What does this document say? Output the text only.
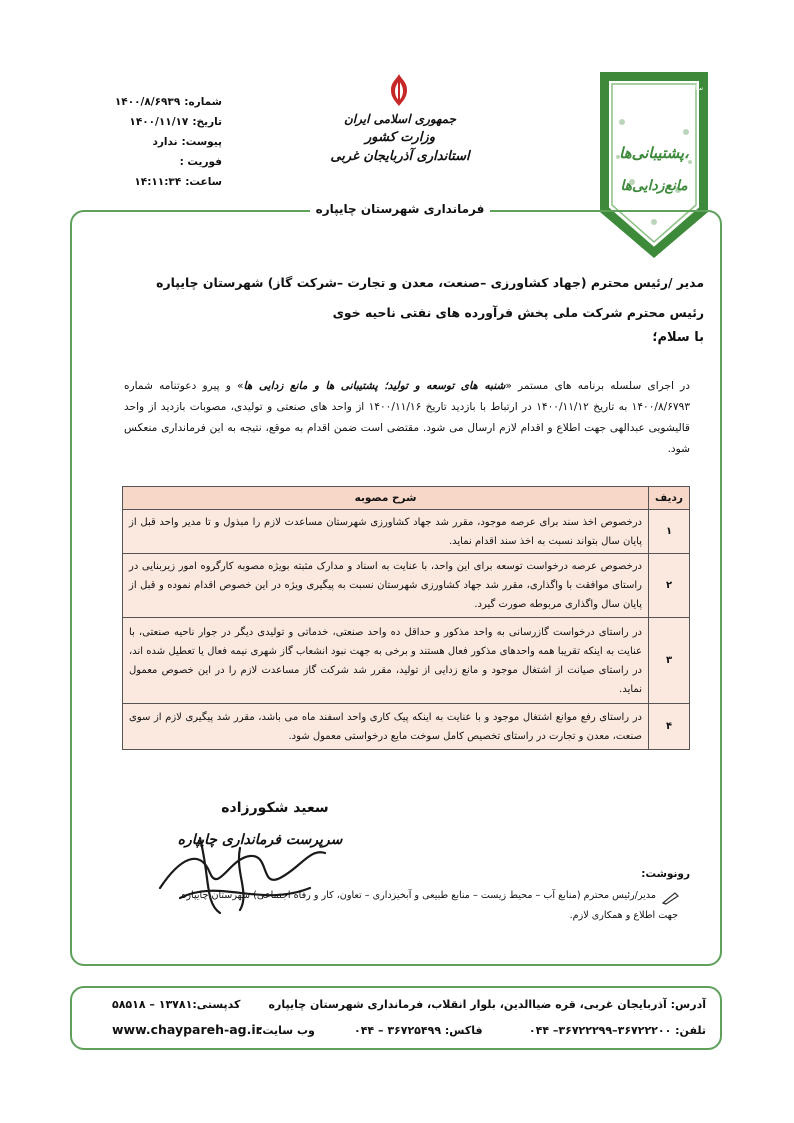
شماره:
۱۴۰۰/۸/۶۹۳۹
تاریخ:
۱۴۰۰/۱۱/۱۷
پیوست:
ندارد
فوریت :
ساعت:
۱۴:۱۱:۳۴
جمهوری اسلامی ایران
وزارت کشور
استانداری آذربایجان غربی
تولید سال ۱۴۰۰
پشتیبانی‌ها،
مانع‌زدایی‌ها
فرمانداری شهرستان چایپاره
مدیر /رئیس محترم (جهاد کشاورزی –صنعت، معدن و تجارت –شرکت گاز) شهرستان چایپاره
رئیس محترم شرکت ملی پخش فرآورده های نفتی ناحیه خوی
با سلام؛
در اجرای سلسله برنامه های مستمر «شنبه های توسعه و تولید؛ پشتیبانی ها و مانع زدایی ها» و پیرو دعوتنامه شماره ۱۴۰۰/۸/۶۷۹۳ به تاریخ ۱۴۰۰/۱۱/۱۲ در ارتباط با بازدید تاریخ ۱۴۰۰/۱۱/۱۶ از واحد های صنعتی و تولیدی، مصوبات بازدید از واحد قالیشویی عبدالهی جهت اطلاع و اقدام لازم ارسال می شود. مقتضی است ضمن اقدام به موقع، نتیجه به این فرمانداری منعکس شود.
ردیف	شرح مصوبه
۱	درخصوص اخذ سند برای عرصه موجود، مقرر شد جهاد کشاورزی شهرستان مساعدت لازم را مبذول و تا مدیر واحد قبل از پایان سال بتواند نسبت به اخذ سند اقدام نماید.
۲	درخصوص عرصه درخواست توسعه برای این واحد، با عنایت به اسناد و مدارک مثبته بویژه مصوبه کارگروه امور زیربنایی در راستای موافقت با واگذاری، مقرر شد جهاد کشاورزی شهرستان نسبت به پیگیری ویژه در این خصوص اقدام نموده و قبل از پایان سال واگذاری مربوطه صورت گیرد.
۳	در راستای درخواست گازرسانی به واحد مذکور و حداقل ده واحد صنعتی، خدماتی و تولیدی دیگر در جوار ناحیه صنعتی، با عنایت به اینکه تقریبا همه واحدهای مذکور فعال هستند و برخی به جهت نبود انشعاب گاز شهری نیمه فعال یا تعطیل شده اند، در راستای صیانت از اشتغال موجود و مانع زدایی از تولید، مقرر شد شرکت گاز مساعدت لازم را در این خصوص معمول نماید.
۴	در راستای رفع موانع اشتغال موجود و با عنایت به اینکه پیک کاری واحد اسفند ماه می باشد، مقرر شد پیگیری لازم از سوی صنعت، معدن و تجارت در راستای تخصیص کامل سوخت مایع درخواستی معمول شود.
سعید شکورزاده
سرپرست فرمانداری چایپاره
رونوشت:
مدیر/رئیس محترم (منابع آب – محیط زیست – منابع طبیعی و آبخیزداری – تعاون، کار و رفاه اجتماعی) شهرستان چایپاره
جهت اطلاع و همکاری لازم.
آدرس: آذربایجان غربی، قره ضیاالدین، بلوار انقلاب، فرمانداری شهرستان چایپاره
کدپستی:۱۳۷۸۱ – ۵۸۵۱۸
تلفن: ۳۶۷۲۲۲۰۰–۳۶۷۲۲۲۹۹– ۰۴۴
فاکس: ۳۶۷۲۵۴۹۹ – ۰۴۴
وب سایت:
www.chaypareh-ag.ir
